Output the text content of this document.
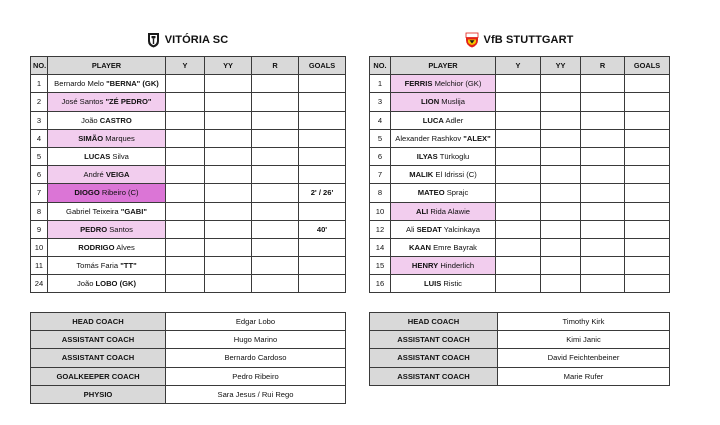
VITÓRIA SC	VfB STUTTGART
NO.	PLAYER	Y	YY	R	GOALS
1	Bernardo Melo "BERNA" (GK)				
2	José Santos "ZÉ PEDRO"				
3	João CASTRO				
4	SIMÃO Marques				
5	LUCAS Silva				
6	André VEIGA				
7	DIOGO Ribeiro (C)				2' / 26'
8	Gabriel Teixeira "GABI"				
9	PEDRO Santos				40'
10	RODRIGO Alves				
11	Tomás Faria "TT"				
24	João LOBO (GK)				
NO.	PLAYER	Y	YY	R	GOALS
1	FERRIS Melchior (GK)				
3	LION Muslija				
4	LUCA Adler				
5	Alexander Rashkov "ALEX"				
6	ILYAS Türkoglu				
7	MALIK El Idrissi (C)				
8	MATEO Sprajc				
10	ALI Rida Alawie				
12	Ali SEDAT Yalcinkaya				
14	KAAN Emre Bayrak				
15	HENRY Hinderlich				
16	LUIS Ristic				
HEAD COACH	Edgar Lobo
ASSISTANT COACH	Hugo Marino
ASSISTANT COACH	Bernardo Cardoso
GOALKEEPER COACH	Pedro Ribeiro
PHYSIO	Sara Jesus / Rui Rego
HEAD COACH	Timothy Kirk
ASSISTANT COACH	Kimi Janic
ASSISTANT COACH	David Feichtenbeiner
ASSISTANT COACH	Marie Rufer
